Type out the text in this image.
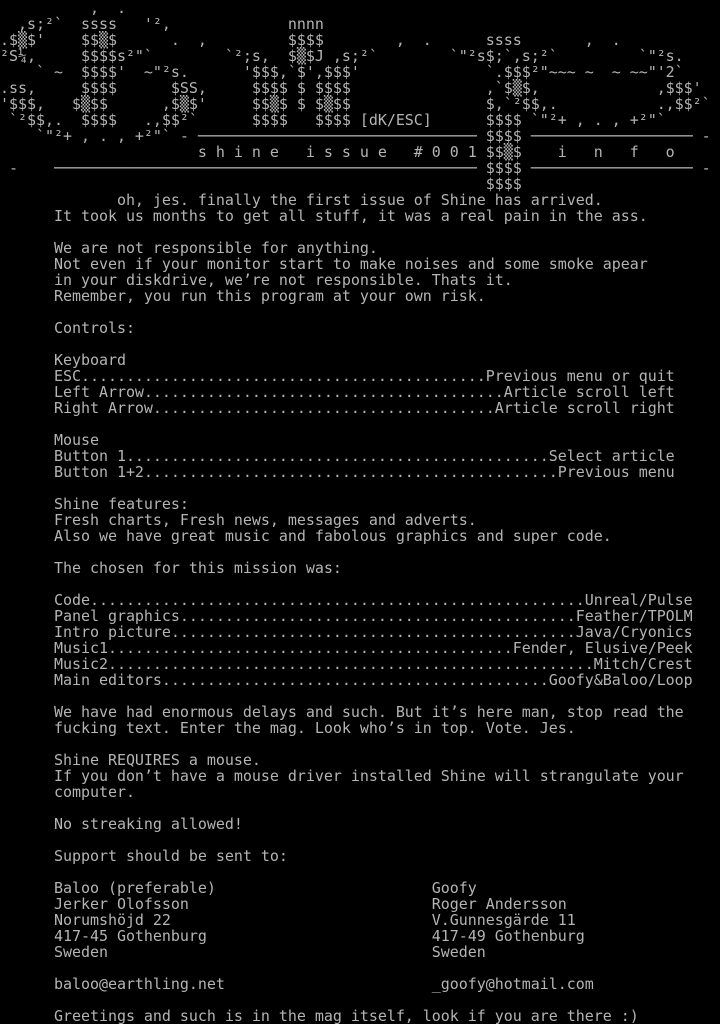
,  .
,s;²`  ssss   '²,             nnnn
.$▒$'    $$▒$      .  ,         $$$$        ,  .      ssss       ,  .
²S¼,     $$$$s²"`        `²;s,  $▒$J ,s;²`        `"²s$;`,s;²`         `"²s.
` ~  $$$$'  ~"²s.      '$$$,`$',$$$'              `.$$$²"~~~ ~  ~ ~~"'2`
.ss,     $$$$      $SS,     $$$$ $ $$$$               ,`$▒$,             ,$$$'
'$$$,   $▒$$      ,$▒$'     $$▒$ $ $▒$$               $,`²$$,.           .,$$²`
`²$$,.  $$$$   .,$$²`      $$$$   $$$$ [dK/ESC]      $$$$ `"²+ , . , +²"`
`"²+ , . , +²"` - ─────────────────────────────── $$$$ ────────────────── -
s h i n e   i s s u e   # 0 0 1 $$▒$    i   n   f   o
-    ─────────────────────────────────────────────── $$$$ ────────────────── -
$$$$
oh, jes. finally the first issue of Shine has arrived.
It took us months to get all stuff, it was a real pain in the ass.
We are not responsible for anything.
Not even if your monitor start to make noises and some smoke apear
in your diskdrive, we’re not responsible. Thats it.
Remember, you run this program at your own risk.
Controls:
Keyboard
ESC.............................................Previous menu or quit
Left Arrow........................................Article scroll left
Right Arrow......................................Article scroll right
Mouse
Button 1...............................................Select article
Button 1+2..............................................Previous menu
Shine features:
Fresh charts, Fresh news, messages and adverts.
Also we have great music and fabolous graphics and super code.
The chosen for this mission was:
Code.......................................................Unreal/Pulse
Panel graphics............................................Feather/TPOLM
Intro picture.............................................Java/Cryonics
Music1.............................................Fender, Elusive/Peek
Music2......................................................Mitch/Crest
Main editors...........................................Goofy&Baloo/Loop
We have had enormous delays and such. But it’s here man, stop read the
fucking text. Enter the mag. Look who’s in top. Vote. Jes.
Shine REQUIRES a mouse.
If you don’t have a mouse driver installed Shine will strangulate your
computer.
No streaking allowed!
Support should be sent to:
Baloo (preferable)                        Goofy
Jerker Olofsson                           Roger Andersson
Norumshöjd 22                             V.Gunnesgärde 11
417-45 Gothenburg                         417-49 Gothenburg
Sweden                                    Sweden
baloo@earthling.net                       _goofy@hotmail.com
Greetings and such is in the mag itself, look if you are there :)
